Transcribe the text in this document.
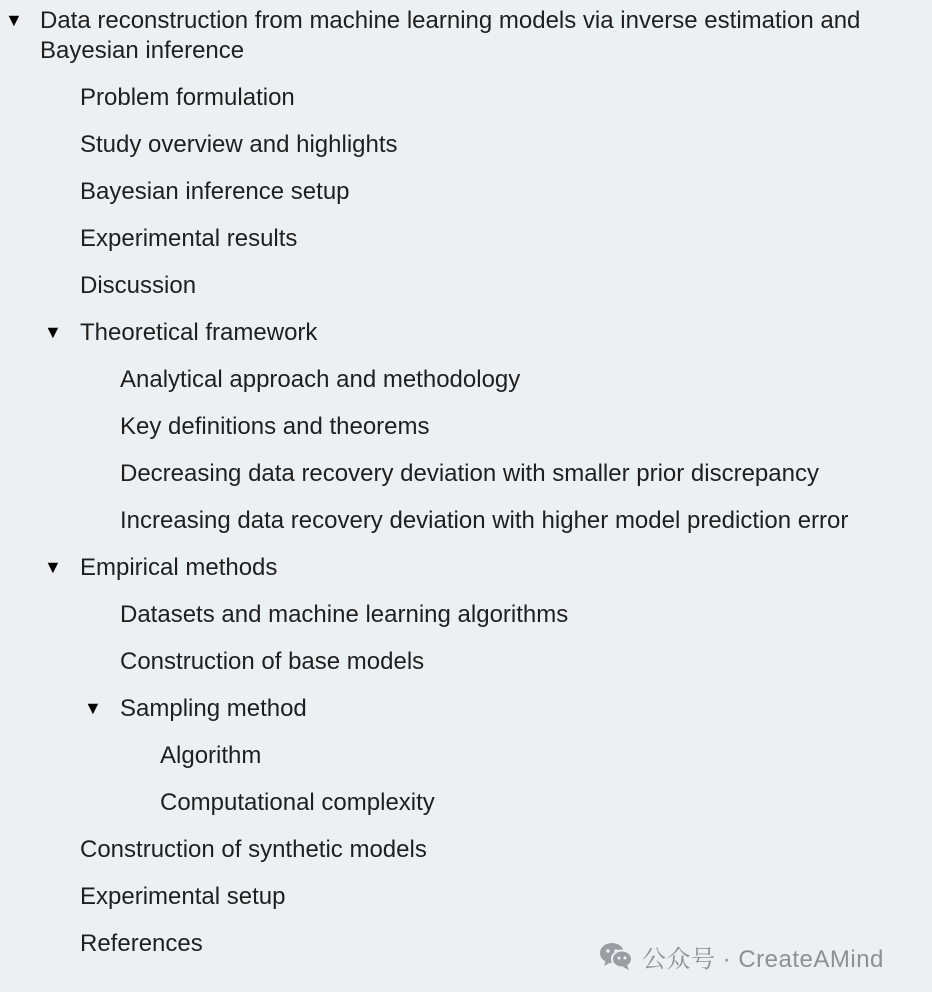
▼ Data reconstruction from machine learning models via inverse estimation and Bayesian inference
Problem formulation
Study overview and highlights
Bayesian inference setup
Experimental results
Discussion
▼ Theoretical framework
Analytical approach and methodology
Key definitions and theorems
Decreasing data recovery deviation with smaller prior discrepancy
Increasing data recovery deviation with higher model prediction error
▼ Empirical methods
Datasets and machine learning algorithms
Construction of base models
▼ Sampling method
Algorithm
Computational complexity
Construction of synthetic models
Experimental setup
References
公众号 · CreateAMind
